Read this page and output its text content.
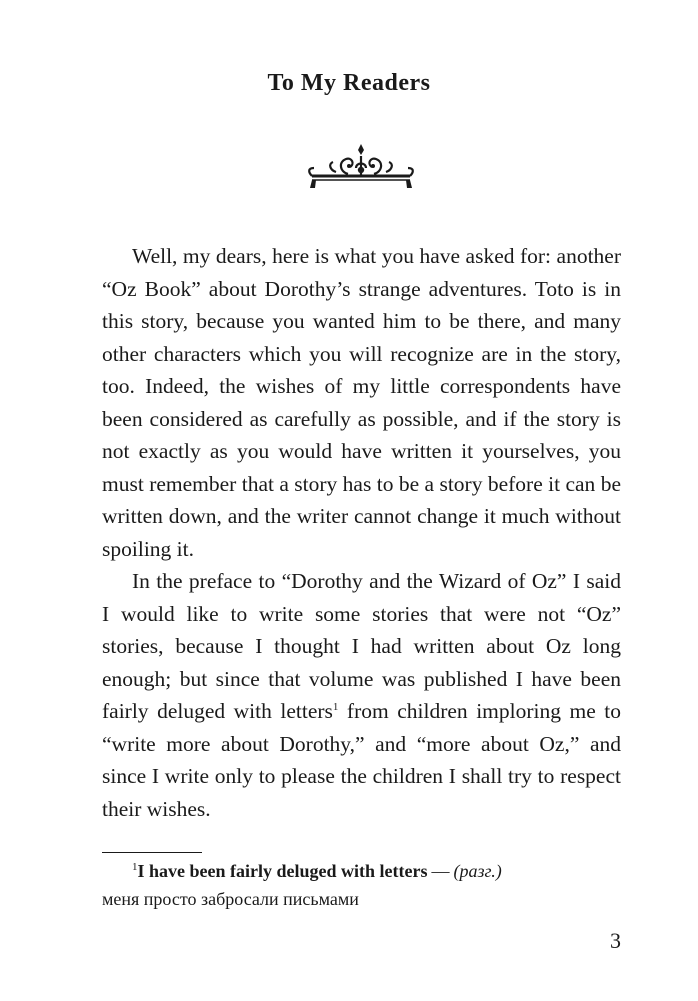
To My Readers

Well, my dears, here is what you have asked for: another “Oz Book” about Dorothy’s strange adventures. Toto is in this story, because you wanted him to be there, and many other characters which you will recognize are in the story, too. Indeed, the wishes of my little correspondents have been considered as carefully as possible, and if the story is not exactly as you would have written it yourselves, you must remember that a story has to be a story before it can be written down, and the writer cannot change it much without spoiling it.

In the preface to “Dorothy and the Wizard of Oz” I said I would like to write some stories that were not “Oz” stories, because I thought I had written about Oz long enough; but since that volume was published I have been fairly deluged with letters$^1$ from children imploring me to “write more about Dorothy,” and “more about Oz,” and since I write only to please the children I shall try to respect their wishes.

$^1$I have been fairly deluged with letters — (разг.)
меня просто забросали письмами
3
